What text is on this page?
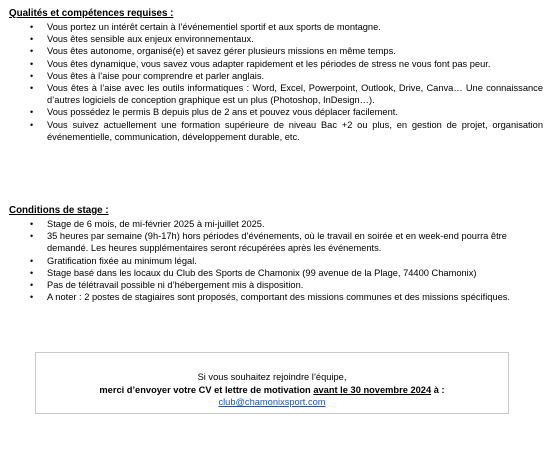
Qualités et compétences requises :

• Vous portez un intérêt certain à l’événementiel sportif et aux sports de montagne.
• Vous êtes sensible aux enjeux environnementaux.
• Vous êtes autonome, organisé(e) et savez gérer plusieurs missions en même temps.
• Vous êtes dynamique, vous savez vous adapter rapidement et les périodes de stress ne vous font pas peur.
• Vous êtes à l’aise pour comprendre et parler anglais.
• Vous êtes à l’aise avec les outils informatiques : Word, Excel, Powerpoint, Outlook, Drive, Canva… Une connaissance d’autres logiciels de conception graphique est un plus (Photoshop, InDesign…).
• Vous possédez le permis B depuis plus de 2 ans et pouvez vous déplacer facilement.
• Vous suivez actuellement une formation supérieure de niveau Bac +2 ou plus, en gestion de projet, organisation événementielle, communication, développement durable, etc.

Conditions de stage :

• Stage de 6 mois, de mi-février 2025 à mi-juillet 2025.
• 35 heures par semaine (9h-17h) hors périodes d’événements, où le travail en soirée et en week-end pourra être demandé. Les heures supplémentaires seront récupérées après les événements.
• Gratification fixée au minimum légal.
• Stage basé dans les locaux du Club des Sports de Chamonix (99 avenue de la Plage, 74400 Chamonix)
• Pas de télétravail possible ni d’hébergement mis à disposition.
• A noter : 2 postes de stagiaires sont proposés, comportant des missions communes et des missions spécifiques.
Si vous souhaitez rejoindre l’équipe,
merci d’envoyer votre CV et lettre de motivation avant le 30 novembre 2024 à :
club@chamonixsport.com
